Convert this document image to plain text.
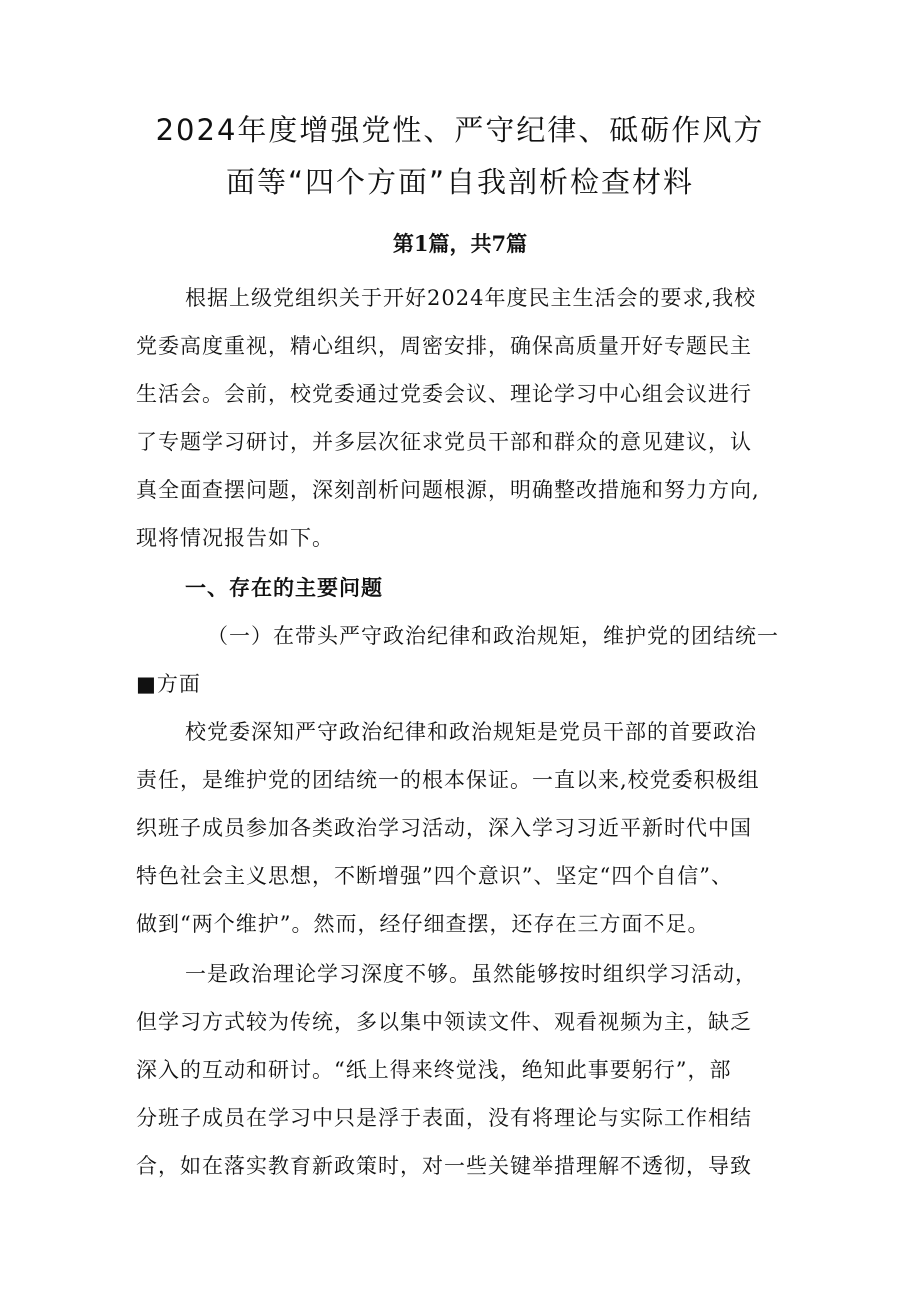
2024年度增强党性、严守纪律、砥砺作风方
面等“四个方面”自我剖析检查材料
第1篇，共7篇
根据上级党组织关于开好2024年度民主生活会的要求,我校
党委高度重视，精心组织，周密安排，确保高质量开好专题民主
生活会。会前，校党委通过党委会议、理论学习中心组会议进行
了专题学习研讨，并多层次征求党员干部和群众的意见建议，认
真全面查摆问题，深刻剖析问题根源，明确整改措施和努力方向,
现将情况报告如下。
一、存在的主要问题
（一）在带头严守政治纪律和政治规矩，维护党的团结统一
■方面
校党委深知严守政治纪律和政治规矩是党员干部的首要政治
责任，是维护党的团结统一的根本保证。一直以来,校党委积极组
织班子成员参加各类政治学习活动，深入学习习近平新时代中国
特色社会主义思想，不断增强”四个意识”、坚定“四个自信”、
做到“两个维护”。然而，经仔细查摆，还存在三方面不足。
一是政治理论学习深度不够。虽然能够按时组织学习活动，
但学习方式较为传统，多以集中领读文件、观看视频为主，缺乏
深入的互动和研讨。“纸上得来终觉浅，绝知此事要躬行”，部
分班子成员在学习中只是浮于表面，没有将理论与实际工作相结
合，如在落实教育新政策时，对一些关键举措理解不透彻，导致
